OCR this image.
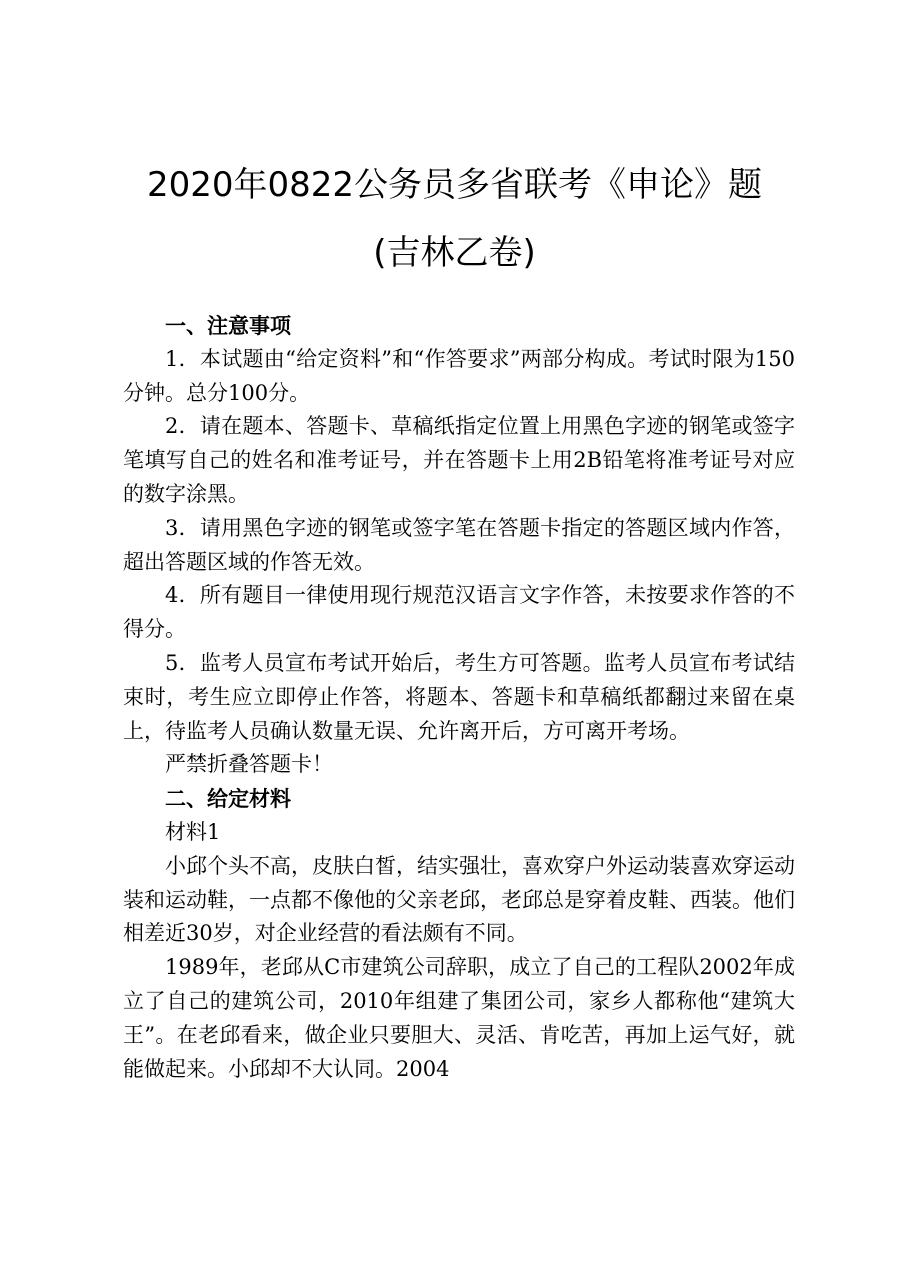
2020年0822公务员多省联考《申论》题
(吉林乙卷)

一、注意事项

1．本试题由“给定资料”和“作答要求”两部分构成。考试时限为150分钟。总分100分。

2．请在题本、答题卡、草稿纸指定位置上用黑色字迹的钢笔或签字笔填写自己的姓名和准考证号，并在答题卡上用2B铅笔将准考证号对应的数字涂黑。

3．请用黑色字迹的钢笔或签字笔在答题卡指定的答题区域内作答，超出答题区域的作答无效。

4．所有题目一律使用现行规范汉语言文字作答，未按要求作答的不得分。

5．监考人员宣布考试开始后，考生方可答题。监考人员宣布考试结束时，考生应立即停止作答，将题本、答题卡和草稿纸都翻过来留在桌上，待监考人员确认数量无误、允许离开后，方可离开考场。

严禁折叠答题卡！

二、给定材料

材料1

小邱个头不高，皮肤白皙，结实强壮，喜欢穿户外运动装喜欢穿运动装和运动鞋，一点都不像他的父亲老邱，老邱总是穿着皮鞋、西装。他们相差近30岁，对企业经营的看法颇有不同。

1989年，老邱从C市建筑公司辞职，成立了自己的工程队2002年成立了自己的建筑公司，2010年组建了集团公司，家乡人都称他“建筑大王”。在老邱看来，做企业只要胆大、灵活、肯吃苦，再加上运气好，就能做起来。小邱却不大认同。2004
